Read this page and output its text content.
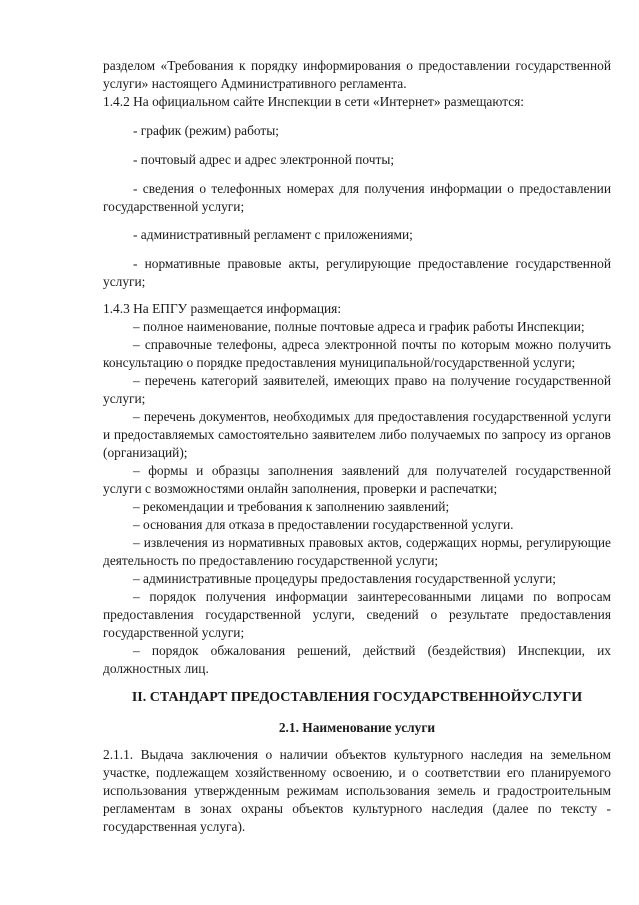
разделом «Требования к порядку информирования о предоставлении государственной услуги» настоящего Административного регламента.

1.4.2 На официальном сайте Инспекции в сети «Интернет» размещаются:

- график (режим) работы;

- почтовый адрес и адрес электронной почты;

- сведения о телефонных номерах для получения информации о предоставлении государственной услуги;

- административный регламент с приложениями;

- нормативные правовые акты, регулирующие предоставление государственной услуги;

1.4.3 На ЕПГУ размещается информация:

– полное наименование, полные почтовые адреса и график работы Инспекции;

– справочные телефоны, адреса электронной почты по которым можно получить консультацию о порядке предоставления муниципальной/государственной услуги;

– перечень категорий заявителей, имеющих право на получение государственной услуги;

– перечень документов, необходимых для предоставления государственной услуги и предоставляемых самостоятельно заявителем либо получаемых по запросу из органов (организаций);

– формы и образцы заполнения заявлений для получателей государственной услуги с возможностями онлайн заполнения, проверки и распечатки;

– рекомендации и требования к заполнению заявлений;

– основания для отказа в предоставлении государственной услуги.

– извлечения из нормативных правовых актов, содержащих нормы, регулирующие деятельность по предоставлению государственной услуги;

– административные процедуры предоставления государственной услуги;

– порядок получения информации заинтересованными лицами по вопросам предоставления государственной услуги, сведений о результате предоставления государственной услуги;

– порядок обжалования решений, действий (бездействия) Инспекции, их должностных лиц.

II. СТАНДАРТ ПРЕДОСТАВЛЕНИЯ ГОСУДАРСТВЕННОЙУСЛУГИ

2.1. Наименование услуги

2.1.1. Выдача заключения о наличии объектов культурного наследия на земельном участке, подлежащем хозяйственному освоению, и о соответствии его планируемого использования утвержденным режимам использования земель и градостроительным регламентам в зонах охраны объектов культурного наследия (далее по тексту - государственная услуга).
